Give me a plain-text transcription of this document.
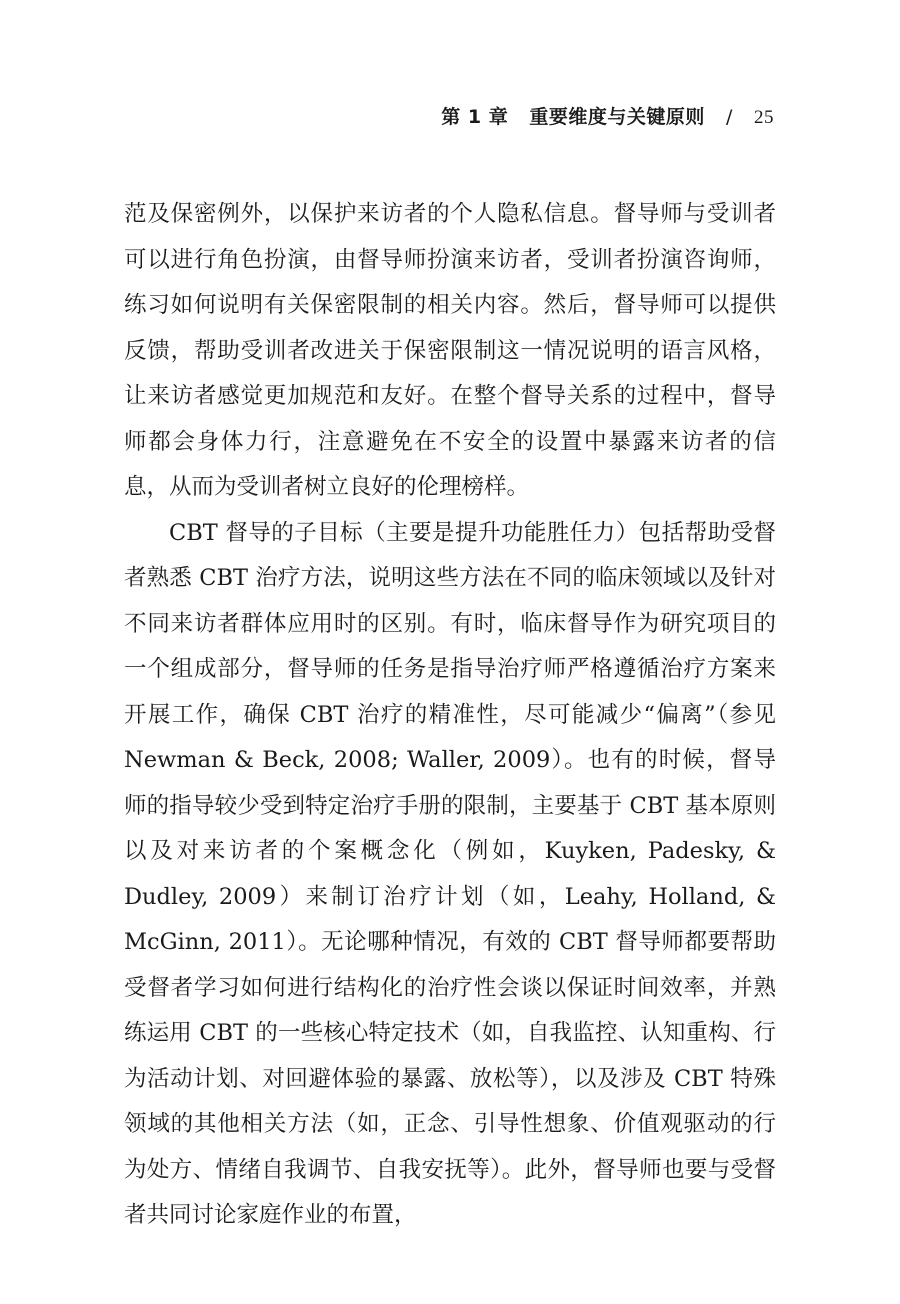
第 1 章 重要维度与关键原则 / 25

范及保密例外，以保护来访者的个人隐私信息。督导师与受训者可以进行角色扮演，由督导师扮演来访者，受训者扮演咨询师，练习如何说明有关保密限制的相关内容。然后，督导师可以提供反馈，帮助受训者改进关于保密限制这一情况说明的语言风格，让来访者感觉更加规范和友好。在整个督导关系的过程中，督导师都会身体力行，注意避免在不安全的设置中暴露来访者的信息，从而为受训者树立良好的伦理榜样。

CBT 督导的子目标（主要是提升功能胜任力）包括帮助受督者熟悉 CBT 治疗方法，说明这些方法在不同的临床领域以及针对不同来访者群体应用时的区别。有时，临床督导作为研究项目的一个组成部分，督导师的任务是指导治疗师严格遵循治疗方案来开展工作，确保 CBT 治疗的精准性，尽可能减少“偏离”（参见 Newman & Beck, 2008; Waller, 2009）。也有的时候，督导师的指导较少受到特定治疗手册的限制，主要基于 CBT 基本原则以及对来访者的个案概念化（例如，Kuyken, Padesky, & Dudley, 2009）来制订治疗计划（如，Leahy, Holland, & McGinn, 2011）。无论哪种情况，有效的 CBT 督导师都要帮助受督者学习如何进行结构化的治疗性会谈以保证时间效率，并熟练运用 CBT 的一些核心特定技术（如，自我监控、认知重构、行为活动计划、对回避体验的暴露、放松等），以及涉及 CBT 特殊领域的其他相关方法（如，正念、引导性想象、价值观驱动的行为处方、情绪自我调节、自我安抚等）。此外，督导师也要与受督者共同讨论家庭作业的布置，
